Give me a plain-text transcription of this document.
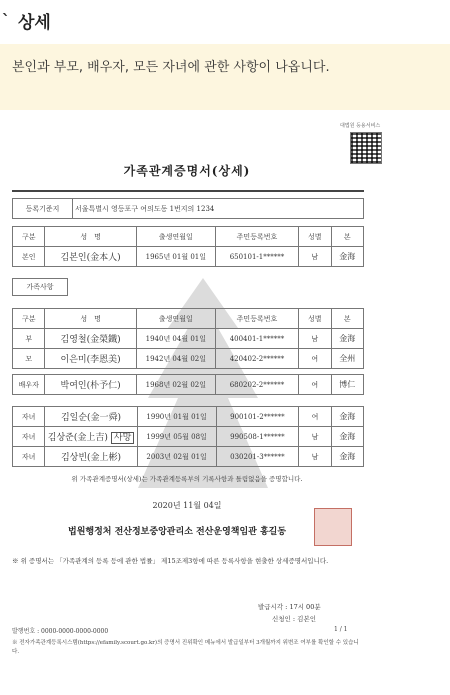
ˋ 상세
본인과 부모, 배우자, 모든 자녀에 관한 사항이 나옵니다.
대법원 등용서비스
가족관계증명서(상세)
등록기준지	서울특별시 영등포구 여의도동 1번지의 1234
구분	성　명	출생연월일	주민등록번호	성별	본
본인	김본인(金本人)	1965년 01월 01일	650101-1******	남	金海
가족사항
구분	성　명	출생연월일	주민등록번호	성별	본
부	김영철(金榮鐵)	1940년 04월 01일	400401-1******	남	金海
모	이은미(李恩美)	1942년 04월 02일	420402-2******	여	全州
배우자	박여인(朴予仁)	1968년 02월 02일	680202-2******	여	博仁
자녀	김일순(金一舜)	1990년 01월 01일	900101-2******	여	金海
자녀	김상준(金上吉) 사망	1999년 05월 08일	990508-1******	남	金海
자녀	김상빈(金上彬)	2003년 02월 01일	030201-3******	남	金海
위 가족관계증명서(상세)는 가족관계등록부의 기록사항과 틀림없음을 증명합니다.
2020년 11월 04일
법원행정처 전산정보중앙관리소 전산운영책임관 홍길동
※ 위 증명서는 「가족관계의 등록 등에 관한 법률」 제15조제3항에 따른 등록사항을 현출한 상세증명서입니다.
발급시각 : 17시 00분
신청인 : 김본인
발행번호 : 0000-0000-0000-0000	1 / 1
※ 전자가족관계등록시스템(https://efamily.scourt.go.kr)의 증명서 진위확인 메뉴에서 발급일부터 3개월까지 위변조 여부를 확인할 수 있습니다.
